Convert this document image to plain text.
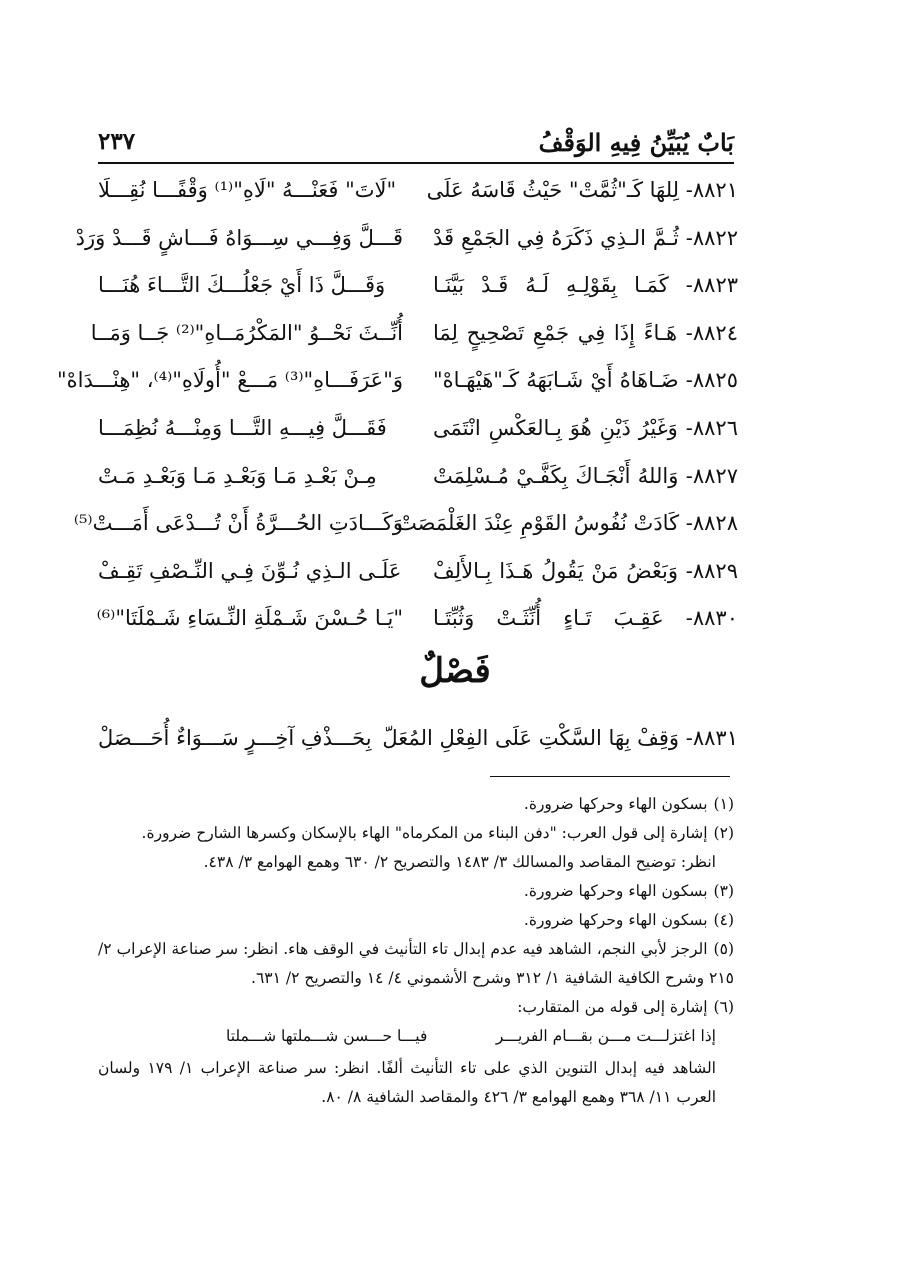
بَابٌ يُبَيِّنُ فِيهِ الوَقْفُ
٢٣٧
٨٨٢١- لِلهَا كَـ"ثُمَّتْ" حَيْثُ قَاسَهُ عَلَى
"لَاتَ" فَعَنْـــهُ "لَاهِ"⁽¹⁾ وَقْفًـــا نُقِـــلَا
٨٨٢٢- ثُـمَّ الـذِي ذَكَرَهُ فِي الجَمْعِ قَدْ
قَـــلَّ وَفِـــي سِـــوَاهُ فَـــاشٍ قَـــدْ وَرَدْ
٨٨٢٣- كَمَـا بِقَوْلِـهِ لَـهُ قَـدْ بَيَّنَـا
وَقَـــلَّ ذَا أَيْ جَعْلُـــكَ التَّـــاءَ هُنَـــا
٨٨٢٤- هَـاءً إِذَا فِي جَمْعِ تَصْحِيحٍ لِمَا
أُنِّــثَ نَحْــوُ "المَكْرُمَــاهِ"⁽²⁾ جَــا وَمَــا
٨٨٢٥- ضَـاهَاهُ أَيْ شَـابَهَهُ كَـ"هَيْهَـاهْ"
وَ"عَرَفَـــاهِ"⁽³⁾ مَـــعْ "أُولَاهِ"⁽⁴⁾، "هِنْـــدَاهْ"
٨٨٢٦- وَغَيْرُ ذَيْنِ هُوَ بِـالعَكْسِ انْتَمَى
فَقَـــلَّ فِيـــهِ التَّـــا وَمِنْـــهُ نُظِمَـــا
٨٨٢٧- وَاللهُ أَنْجَـاكَ بِكَفَّـيْ مُـسْلِمَتْ
مِـنْ بَعْـدِ مَـا وَبَعْـدِ مَـا وَبَعْـدِ مَـتْ
٨٨٢٨- كَادَتْ نُفُوسُ القَوْمِ عِنْدَ الغَلْمَصَتْ
وَكَـــادَتِ الحُـــرَّةُ أَنْ تُـــدْعَى أَمَـــتْ⁽⁵⁾
٨٨٢٩- وَبَعْضُ مَنْ يَقُولُ هَـذَا بِـالأَلِفْ
عَلَـى الـذِي نُـوِّنَ فِـي النِّـصْفِ تَقِـفْ
٨٨٣٠- عَقِـبَ تَـاءٍ أُنِّثَـتْ وَثُبِّتَـا
"يَـا حُـسْنَ شَـمْلَةِ النِّـسَاءِ شَـمْلَتَا"⁽⁶⁾
فَصْلٌ
٨٨٣١- وَقِفْ بِهَا السَّكْتِ عَلَى الفِعْلِ المُعَلّ
بِحَـــذْفِ آخِـــرٍ سَـــوَاءٌ أُحَـــصَلْ
(١)بسكون الهاء وحركها ضرورة.
(٢)إشارة إلى قول العرب: "دفن البناء من المكرماه" الهاء بالإسكان وكسرها الشارح ضرورة.
انظر: توضيح المقاصد والمسالك ٣/ ١٤٨٣ والتصريح ٢/ ٦٣٠ وهمع الهوامع ٣/ ٤٣٨.
(٣)بسكون الهاء وحركها ضرورة.
(٤)بسكون الهاء وحركها ضرورة.
(٥)الرجز لأبي النجم، الشاهد فيه عدم إبدال تاء التأنيث في الوقف هاء. انظر: سر صناعة الإعراب ٢/ ٢١٥ وشرح الكافية الشافية ١/ ٣١٢ وشرح الأشموني ٤/ ١٤ والتصريح ٢/ ٦٣١.
(٦)إشارة إلى قوله من المتقارب:
إذا اغتزلـــت مـــن بقـــام الفريـــر
فيـــا حـــسن شـــملتها شـــملتا
الشاهد فيه إبدال التنوين الذي على تاء التأنيث ألفًا. انظر: سر صناعة الإعراب ١/ ١٧٩ ولسان العرب ١١/ ٣٦٨ وهمع الهوامع ٣/ ٤٢٦ والمقاصد الشافية ٨/ ٨٠.
